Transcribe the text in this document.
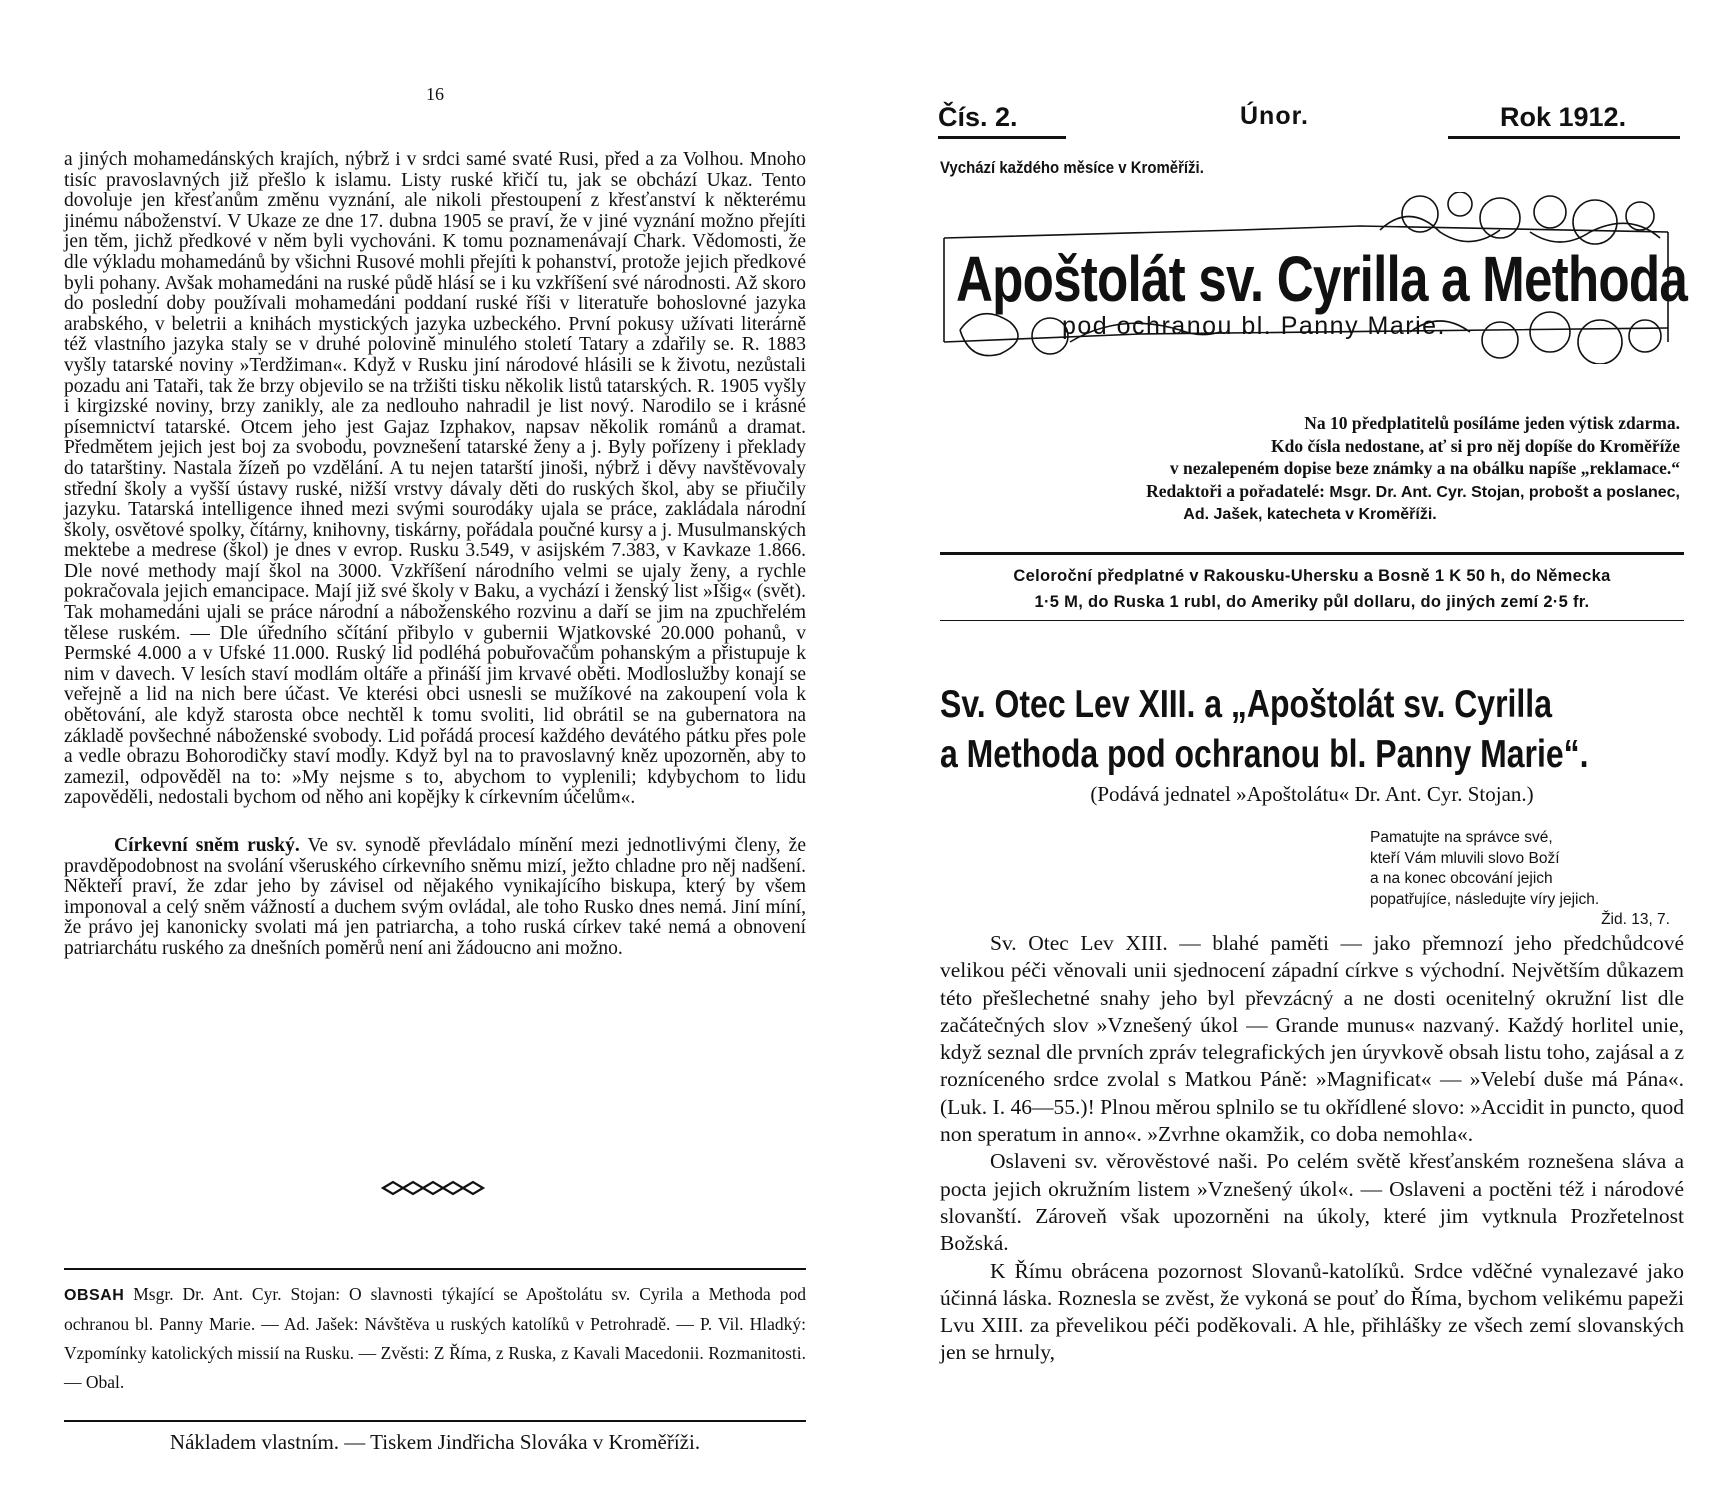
16

a jiných mohamedánských krajích, nýbrž i v srdci samé svaté Rusi, před a za Volhou. Mnoho tisíc pravoslavných již přešlo k islamu. Listy ruské křičí tu, jak se obchází Ukaz. Tento dovoluje jen křesťanům změnu vyznání, ale nikoli přestoupení z křesťanství k některému jinému náboženství. V Ukaze ze dne 17. dubna 1905 se praví, že v jiné vyznání možno přejíti jen těm, jichž předkové v něm byli vychováni. K tomu poznamenávají Chark. Vědomosti, že dle výkladu mohamedánů by všichni Rusové mohli přejíti k pohanství, protože jejich předkové byli pohany. Avšak mohamedáni na ruské půdě hlásí se i ku vzkříšení své národnosti. Až skoro do poslední doby používali mohamedáni poddaní ruské říši v literatuře bohoslovné jazyka arabského, v beletrii a knihách mystických jazyka uzbeckého. První pokusy užívati literárně též vlastního jazyka staly se v druhé polovině minulého století Tatary a zdařily se. R. 1883 vyšly tatarské noviny »Terdžiman«. Když v Rusku jiní národové hlásili se k životu, nezůstali pozadu ani Tataři, tak že brzy objevilo se na tržišti tisku několik listů tatarských. R. 1905 vyšly i kirgizské noviny, brzy zanikly, ale za nedlouho nahradil je list nový. Narodilo se i krásné písemnictví tatarské. Otcem jeho jest Gajaz Izphakov, napsav několik románů a dramat. Předmětem jejich jest boj za svobodu, povznešení tatarské ženy a j. Byly pořízeny i překlady do tatarštiny. Nastala žízeň po vzdělání. A tu nejen tatarští jinoši, nýbrž i děvy navštěvovaly střední školy a vyšší ústavy ruské, nižší vrstvy dávaly děti do ruských škol, aby se přiučily jazyku. Tatarská intelligence ihned mezi svými sourodáky ujala se práce, zakládala národní školy, osvětové spolky, čítárny, knihovny, tiskárny, pořádala poučné kursy a j. Musulmanských mektebe a medrese (škol) je dnes v evrop. Rusku 3.549, v asijském 7.383, v Kavkaze 1.866. Dle nové methody mají škol na 3000. Vzkříšení národního velmi se ujaly ženy, a rychle pokračovala jejich emancipace. Mají již své školy v Baku, a vychází i ženský list »Išig« (svět). Tak mohamedáni ujali se práce národní a náboženského rozvinu a daří se jim na zpuchřelém tělese ruském. — Dle úředního sčítání přibylo v gubernii Wjatkovské 20.000 pohanů, v Permské 4.000 a v Ufské 11.000. Ruský lid podléhá pobuřovačům pohanským a přistupuje k nim v davech. V lesích staví modlám oltáře a přináší jim krvavé oběti. Modloslužby konají se veřejně a lid na nich bere účast. Ve kterési obci usnesli se mužíkové na zakoupení vola k obětování, ale když starosta obce nechtěl k tomu svoliti, lid obrátil se na gubernatora na základě povšechné náboženské svobody. Lid pořádá procesí každého devátého pátku přes pole a vedle obrazu Bohorodičky staví modly. Když byl na to pravoslavný kněz upozorněn, aby to zamezil, odpověděl na to: »My nejsme s to, abychom to vyplenili; kdybychom to lidu zapověděli, nedostali bychom od něho ani kopějky k církevním účelům«.

Církevní sněm ruský. Ve sv. synodě převládalo mínění mezi jednotlivými členy, že pravděpodobnost na svolání všeruského církevního sněmu mizí, ježto chladne pro něj nadšení. Někteří praví, že zdar jeho by závisel od nějakého vynikajícího biskupa, který by všem imponoval a celý sněm vážností a duchem svým ovládal, ale toho Rusko dnes nemá. Jiní míní, že právo jej kanonicky svolati má jen patriarcha, a toho ruská církev také nemá a obnovení patriarchátu ruského za dnešních poměrů není ani žádoucno ani možno.

OBSAH Msgr. Dr. Ant. Cyr. Stojan: O slavnosti týkající se Apoštolátu sv. Cyrila a Methoda pod ochranou bl. Panny Marie. — Ad. Jašek: Návštěva u ruských katolíků v Petrohradě. — P. Vil. Hladký: Vzpomínky katolických missií na Rusku. — Zvěsti: Z Říma, z Ruska, z Kavali Macedonii. Rozmanitosti. — Obal.
Nákladem vlastním. — Tiskem Jindřicha Slováka v Kroměříži.
Čís. 2.	Únor.	Rok 1912.
Vychází každého měsíce v Kroměříži.
Apoštolát sv. Cyrilla a Methoda
pod ochranou bl. Panny Marie.
Na 10 předplatitelů posíláme jeden výtisk zdarma.
Kdo čísla nedostane, ať si pro něj dopíše do Kroměříže
v nezalepeném dopise beze známky a na obálku napíše „reklamace.“
Redaktoři a pořadatelé: Msgr. Dr. Ant. Cyr. Stojan, probošt a poslanec,
Ad. Jašek, katecheta v Kroměříži.
Celoroční předplatné v Rakousku-Uhersku a Bosně 1 K 50 h, do Německa
1·5 M, do Ruska 1 rubl, do Ameriky půl dollaru, do jiných zemí 2·5 fr.
Sv. Otec Lev XIII. a „Apoštolát sv. Cyrilla
a Methoda pod ochranou bl. Panny Marie“.
(Podává jednatel »Apoštolátu« Dr. Ant. Cyr. Stojan.)
Pamatujte na správce své,
kteří Vám mluvili slovo Boží
a na konec obcování jejich
popatřujíce, následujte víry jejich.
Žid. 13, 7.

Sv. Otec Lev XIII. — blahé paměti — jako přemnozí jeho předchůdcové velikou péči věnovali unii sjednocení západní církve s východní. Největším důkazem této přešlechetné snahy jeho byl převzácný a ne dosti ocenitelný okružní list dle začátečných slov »Vznešený úkol — Grande munus« nazvaný. Každý horlitel unie, když seznal dle prvních zpráv telegrafických jen úryvkově obsah listu toho, zajásal a z rozníceného srdce zvolal s Matkou Páně: »Magnificat« — »Velebí duše má Pána«. (Luk. I. 46—55.)! Plnou měrou splnilo se tu okřídlené slovo: »Accidit in puncto, quod non speratum in anno«. »Zvrhne okamžik, co doba nemohla«.

Oslaveni sv. věrověstové naši. Po celém světě křesťanském roznešena sláva a pocta jejich okružním listem »Vznešený úkol«. — Oslaveni a poctěni též i národové slovanští. Zároveň však upozorněni na úkoly, které jim vytknula Prozřetelnost Božská.

K Římu obrácena pozornost Slovanů-katolíků. Srdce vděčné vynalezavé jako účinná láska. Roznesla se zvěst, že vykoná se pouť do Říma, bychom velikému papeži Lvu XIII. za převelikou péči poděkovali. A hle, přihlášky ze všech zemí slovanských jen se hrnuly,
